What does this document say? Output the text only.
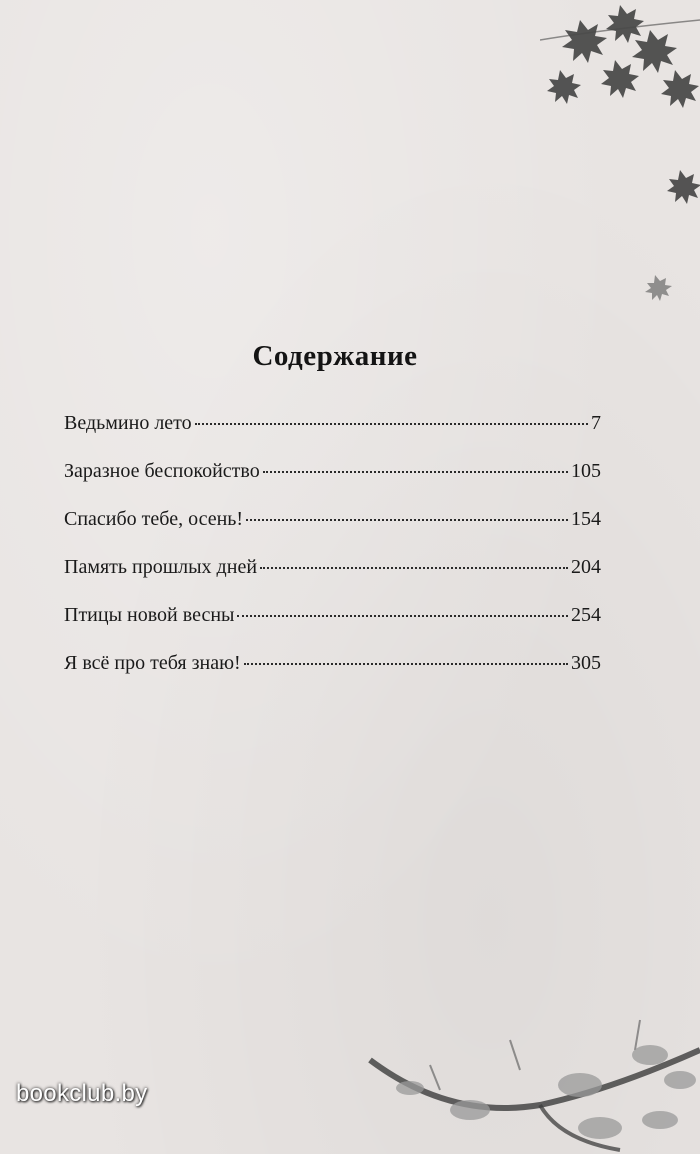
Содержание
Ведьмино лето	7
Заразное беспокойство	105
Спасибо тебе, осень!	154
Память прошлых дней	204
Птицы новой весны	254
Я всё про тебя знаю!	305
bookclub.by
